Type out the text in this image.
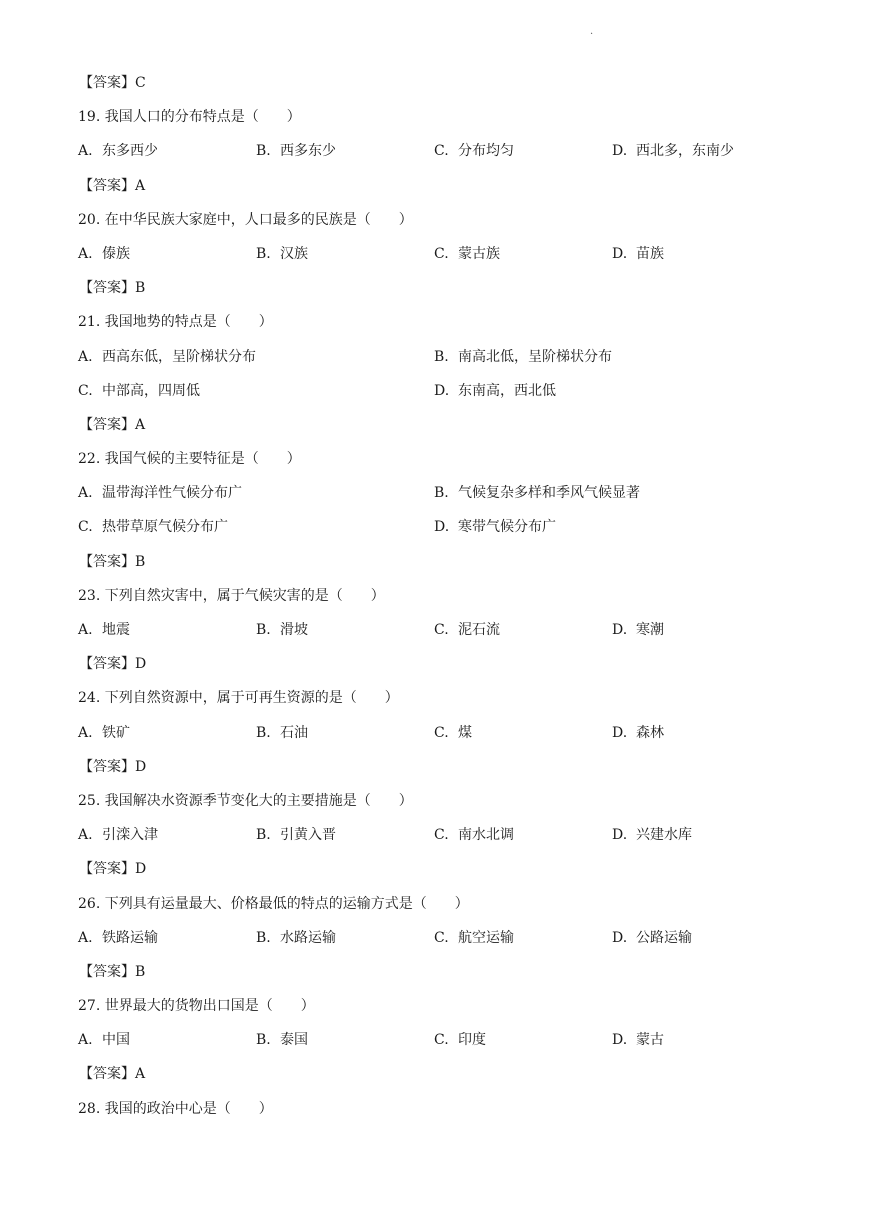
·
【答案】C
19. 我国人口的分布特点是（　　）
A. 东多西少	B. 西多东少	C. 分布均匀	D. 西北多，东南少
【答案】A
20. 在中华民族大家庭中，人口最多的民族是（　　）
A. 傣族	B. 汉族	C. 蒙古族	D. 苗族
【答案】B
21. 我国地势的特点是（　　）
A. 西高东低，呈阶梯状分布	B. 南高北低，呈阶梯状分布
C. 中部高，四周低	D. 东南高，西北低
【答案】A
22. 我国气候的主要特征是（　　）
A. 温带海洋性气候分布广	B. 气候复杂多样和季风气候显著
C. 热带草原气候分布广	D. 寒带气候分布广
【答案】B
23. 下列自然灾害中，属于气候灾害的是（　　）
A. 地震	B. 滑坡	C. 泥石流	D. 寒潮
【答案】D
24. 下列自然资源中，属于可再生资源的是（　　）
A. 铁矿	B. 石油	C. 煤	D. 森林
【答案】D
25. 我国解决水资源季节变化大的主要措施是（　　）
A. 引滦入津	B. 引黄入晋	C. 南水北调	D. 兴建水库
【答案】D
26. 下列具有运量最大、价格最低的特点的运输方式是（　　）
A. 铁路运输	B. 水路运输	C. 航空运输	D. 公路运输
【答案】B
27. 世界最大的货物出口国是（　　）
A. 中国	B. 泰国	C. 印度	D. 蒙古
【答案】A
28. 我国的政治中心是（　　）
